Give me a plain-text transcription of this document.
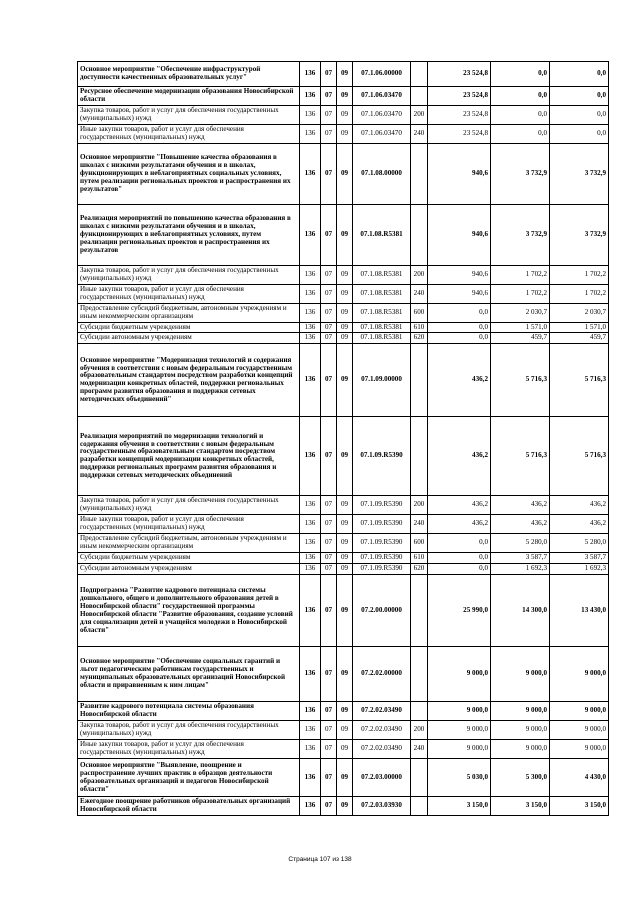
Основное мероприятие "Обеспечение инфраструктурой доступности качественных образовательных услуг"	136	07	09	07.1.06.00000		23 524,8	0,0	0,0
Ресурсное обеспечение модернизации образования Новосибирской области	136	07	09	07.1.06.03470		23 524,8	0,0	0,0
Закупка товаров, работ и услуг для обеспечения государственных (муниципальных) нужд	136	07	09	07.1.06.03470	200	23 524,8	0,0	0,0
Иные закупки товаров, работ и услуг для обеспечения государственных (муниципальных) нужд	136	07	09	07.1.06.03470	240	23 524,8	0,0	0,0
Основное мероприятие "Повышение качества образования в школах с низкими результатами обучения и в школах, функционирующих в неблагоприятных социальных условиях, путем реализации региональных проектов и распространения их результатов"	136	07	09	07.1.08.00000		940,6	3 732,9	3 732,9
Реализация мероприятий по повышению качества образования в школах с низкими результатами обучения и в школах, функционирующих в неблагоприятных условиях, путем реализации региональных проектов и распространения их результатов	136	07	09	07.1.08.R5381		940,6	3 732,9	3 732,9
Закупка товаров, работ и услуг для обеспечения государственных (муниципальных) нужд	136	07	09	07.1.08.R5381	200	940,6	1 702,2	1 702,2
Иные закупки товаров, работ и услуг для обеспечения государственных (муниципальных) нужд	136	07	09	07.1.08.R5381	240	940,6	1 702,2	1 702,2
Предоставление субсидий бюджетным, автономным учреждениям и иным некоммерческим организациям	136	07	09	07.1.08.R5381	600	0,0	2 030,7	2 030,7
Субсидии бюджетным учреждениям	136	07	09	07.1.08.R5381	610	0,0	1 571,0	1 571,0
Субсидии автономным учреждениям	136	07	09	07.1.08.R5381	620	0,0	459,7	459,7
Основное мероприятие "Модернизация технологий и содержания обучения в соответствии с новым федеральным государственным образовательным стандартом посредством разработки концепций модернизации конкретных областей, поддержки региональных программ развития образования и поддержки сетевых методических объединений"	136	07	09	07.1.09.00000		436,2	5 716,3	5 716,3
Реализация мероприятий по модернизации технологий и содержания обучения в соответствии с новым федеральным государственным образовательным стандартом посредством разработки концепций модернизации конкретных областей, поддержки региональных программ развития образования и поддержки сетевых методических объединений	136	07	09	07.1.09.R5390		436,2	5 716,3	5 716,3
Закупка товаров, работ и услуг для обеспечения государственных (муниципальных) нужд	136	07	09	07.1.09.R5390	200	436,2	436,2	436,2
Иные закупки товаров, работ и услуг для обеспечения государственных (муниципальных) нужд	136	07	09	07.1.09.R5390	240	436,2	436,2	436,2
Предоставление субсидий бюджетным, автономным учреждениям и иным некоммерческим организациям	136	07	09	07.1.09.R5390	600	0,0	5 280,0	5 280,0
Субсидии бюджетным учреждениям	136	07	09	07.1.09.R5390	610	0,0	3 587,7	3 587,7
Субсидии автономным учреждениям	136	07	09	07.1.09.R5390	620	0,0	1 692,3	1 692,3
Подпрограмма "Развитие кадрового потенциала системы дошкольного, общего и дополнительного образования детей в Новосибирской области" государственной программы Новосибирской области "Развитие образования, создание условий для социализации детей и учащейся молодежи в Новосибирской области"	136	07	09	07.2.00.00000		25 990,0	14 300,0	13 430,0
Основное мероприятие "Обеспечение социальных гарантий и льгот педагогическим работникам государственных и муниципальных образовательных организаций Новосибирской области и приравненным к ним лицам"	136	07	09	07.2.02.00000		9 000,0	9 000,0	9 000,0
Развитие кадрового потенциала системы образования Новосибирской области	136	07	09	07.2.02.03490		9 000,0	9 000,0	9 000,0
Закупка товаров, работ и услуг для обеспечения государственных (муниципальных) нужд	136	07	09	07.2.02.03490	200	9 000,0	9 000,0	9 000,0
Иные закупки товаров, работ и услуг для обеспечения государственных (муниципальных) нужд	136	07	09	07.2.02.03490	240	9 000,0	9 000,0	9 000,0
Основное мероприятие "Выявление, поощрение и распространение лучших практик в образцов деятельности образовательных организаций и педагогов Новосибирской области"	136	07	09	07.2.03.00000		5 030,0	5 300,0	4 430,0
Ежегодное поощрение работников образовательных организаций Новосибирской области	136	07	09	07.2.03.03930		3 150,0	3 150,0	3 150,0
Страница 107 из 138
